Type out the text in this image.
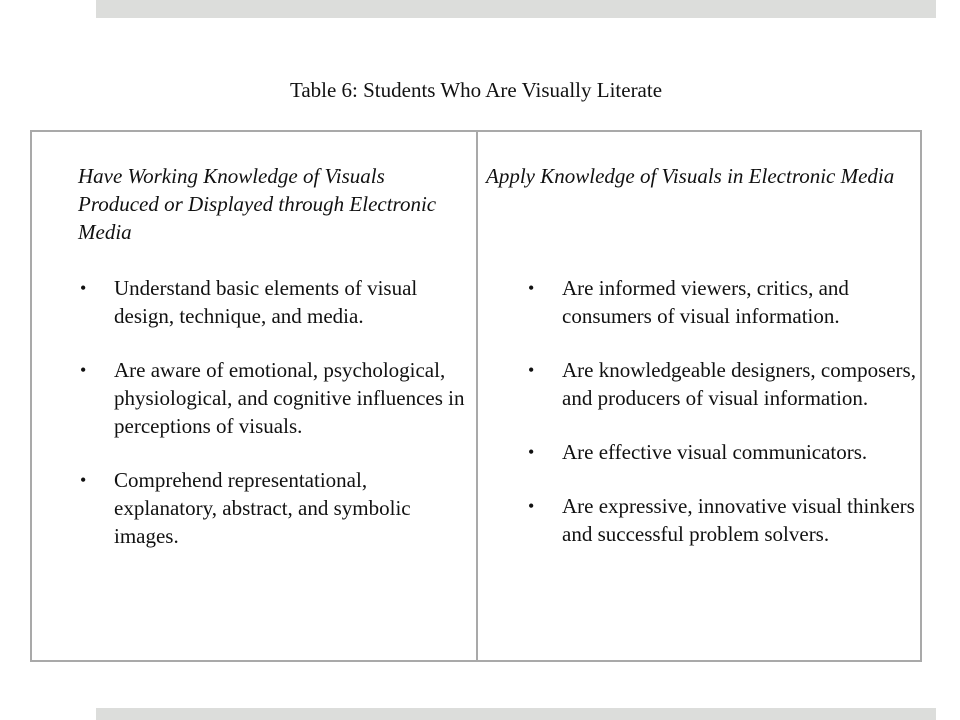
Table 6: Students Who Are Visually Literate
Have Working Knowledge of Visuals Produced or Displayed through Electronic Media
• Understand basic elements of visual design, technique, and media.
• Are aware of emotional, psychological, physiological, and cognitive influences in perceptions of visuals.
• Comprehend representational, explanatory, abstract, and symbolic images.
Apply Knowledge of Visuals in Electronic Media
• Are informed viewers, critics, and consumers of visual information.
• Are knowledgeable designers, composers, and producers of visual information.
• Are effective visual communicators.
• Are expressive, innovative visual thinkers and successful problem solvers.
